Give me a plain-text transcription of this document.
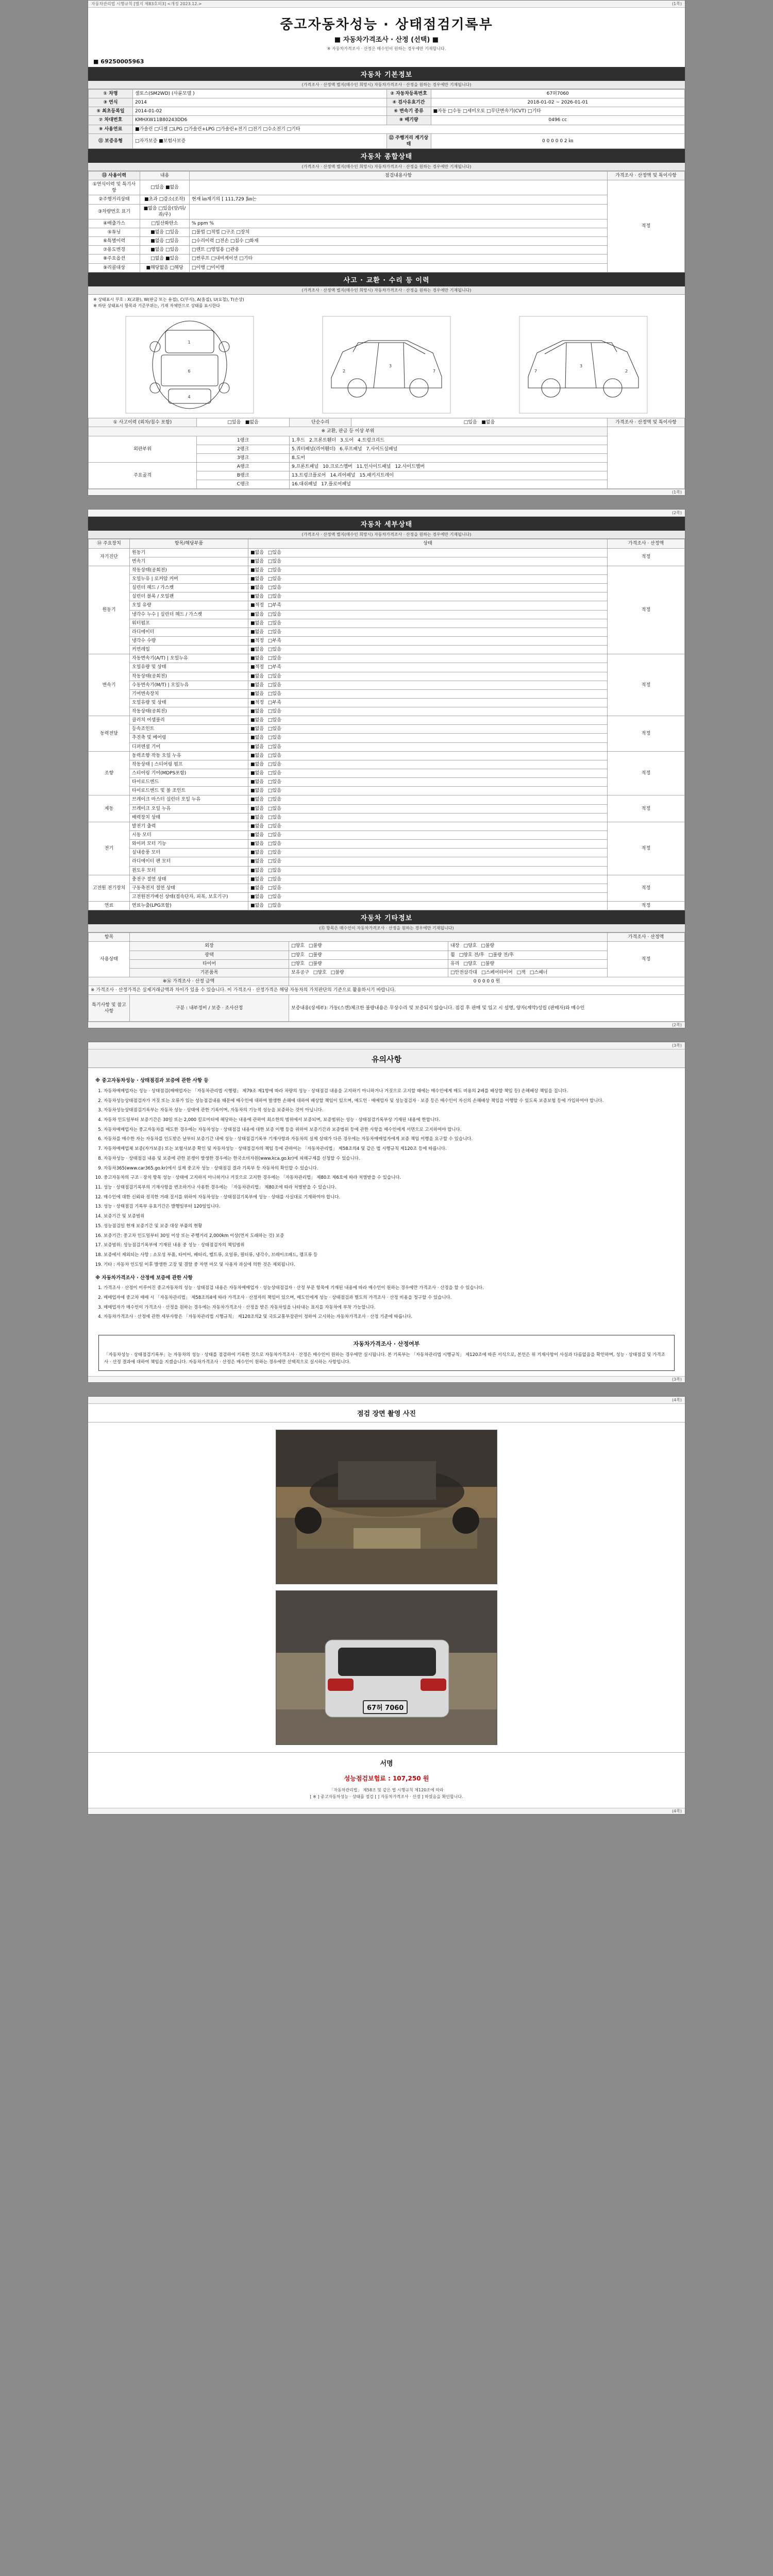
자동차관리법 시행규칙 [별지 제83호의3] <개정 2023.12.>	(1쪽)
중고자동차성능 · 상태점검기록부
■ 자동차가격조사 · 산정 (선택) ■
※ 자동차가격조사 · 산정은 매수인이 원하는 경우에만 기재합니다.
■ 69250005963
자동차 기본정보
(가격조사 · 산정액 별지(매수인 희망시) 자동차가격조사 · 산정을 원하는 경우에만 기재됩니다)
① 차명	셀토스(SM2WD) (사륜모델 )	② 자동차등록번호	67허7060
③ 연식	2014	④ 검사유효기간	2018-01-02 ~ 2026-01-01
⑤ 최초등록일	2014-01-02	⑥ 변속기 종류	■자동 □수동 □세미오토 □무단변속기(CVT) □기타
⑦ 차대번호	KMHXW11B80243DD6	⑧ 배기량	0496 cc
⑨ 사용연료	■가솔린 □디젤 □LPG □가솔린+LPG □가솔린+전기 □전기 □수소전기 □기타		
⑪ 보증유형	□자가보증 ■보험사보증	⑫ 주행거리 계기상태	0 0 0 0 0 2 ㎞
자동차 종합상태
(가격조사 · 산정액 별지(매수인 희망시) 자동차가격조사 · 산정을 원하는 경우에만 기재됩니다)
⑬ 사용이력	내용	점검내용사항	가격조사 · 산정액 및 특이사항
①연식이력 및 특기사항	□있음 ■없음		적정
②주행거리상태	■초과 □감소(조작)	현재 ㎞계기의 [ 111,729 ]㎞는	
③차량번호 표기	■없음 □있음(앞/뒤/좌/우)		
④배출가스	□일산화탄소	% ppm %	
⑤튜닝	■없음 □있음	□불법 □적법 □구조 □장치	
⑥특별이력	■없음 □있음	□수리이력 □전손 □침수 □화재	
⑦용도변경	■없음 □있음	□렌트 □영업용 □관용	
⑧주요옵션	□없음 ■있음	□썬루프 □내비게이션 □기타	
⑨리콜대상	■해당없음 □해당	□이행 □미이행	
사고 · 교환 · 수리 등 이력
(가격조사 · 산정액 별지(매수인 희망시) 자동차가격조사 · 산정을 원하는 경우에만 기재됩니다)
※ 상태표시 부호 : X(교환), W(판금 또는 용접), C(부식), A(흠집), U(요철), T(손상)
※ 하단 상태표시 항목과 기준부위는, 기재 자체만으로 상태를 표시한다
1
6
4
2
3
7	2
3
7
① 사고이력 (외차/침수 포함)	□있음 ■없음	단순수리	□있음 ■없음	가격조사 · 산정액 및 특이사항
※ 교환, 판금 등 이상 부위				
외판부위	1랭크	1.후드 2.프론트휀더 3.도어 4.트렁크리드		
	2랭크	5.쿼터패널(리어휀더) 6.루프패널 7.사이드실패널		
	3랭크	8.도어		
주요골격	A랭크	9.프론트패널 10.크로스멤버 11.인사이드패널 12.사이드멤버		
	B랭크	13.트렁크플로어 14.리어패널 15.패키지트레이		
	C랭크	16.대쉬패널 17.플로어패널		
(1쪽)
(2쪽)
자동차 세부상태
(가격조사 · 산정액 별지(매수인 희망시) 자동차가격조사 · 산정을 원하는 경우에만 기재됩니다)
⑭ 주요장치	항목/해당부품	상태	가격조사 · 산정액
자기진단	원동기	■없음 □있음	적정
	변속기	■없음 □있음	
원동기	작동상태(공회전)	■없음 □있음	적정
	오일누유 | 로커암 커버	■없음 □있음	
	실린더 헤드 / 가스켓	■없음 □있음	
	실린더 블록 / 오일팬	■없음 □있음	
	오일 유량	■적정 □부족	
	냉각수 누수 | 실린더 헤드 / 가스켓	■없음 □있음	
	워터펌프	■없음 □있음	
	라디에이터	■없음 □있음	
	냉각수 수량	■적정 □부족	
	커먼레일	■없음 □있음	
변속기	자동변속기(A/T) | 오일누유	■없음 □있음	적정
	오일유량 및 상태	■적정 □부족	
	작동상태(공회전)	■없음 □있음	
	수동변속기(M/T) | 오일누유	■없음 □있음	
	기어변속장치	■없음 □있음	
	오일유량 및 상태	■적정 □부족	
	작동상태(공회전)	■없음 □있음	
동력전달	클러치 어셈블리	■없음 □있음	적정
	등속조인트	■없음 □있음	
	추진축 및 베어링	■없음 □있음	
	디퍼렌셜 기어	■없음 □있음	
조향	동력조향 작동 오일 누유	■없음 □있음	적정
	작동상태 | 스티어링 펌프	■없음 □있음	
	스티어링 기어(MDPS포함)	■없음 □있음	
	타이로드엔드	■없음 □있음	
	타이로드엔드 및 볼 조인트	■없음 □있음	
제동	브레이크 마스터 실린더 오일 누유	■없음 □있음	적정
	브레이크 오일 누유	■없음 □있음	
	배력장치 상태	■없음 □있음	
전기	발전기 출력	■없음 □있음	적정
	시동 모터	■없음 □있음	
	와이퍼 모터 기능	■없음 □있음	
	실내송풍 모터	■없음 □있음	
	라디에이터 팬 모터	■없음 □있음	
	윈도우 모터	■없음 □있음	
고전원 전기장치	충전구 절연 상태	■없음 □있음	적정
	구동축전지 절연 상태	■없음 □있음	
	고전원전기배선 상태(접속단자, 피복, 보호기구)	■없음 □있음	
연료	연료누출(LPG포함)	■없음 □있음	적정
자동차 기타정보
(⑮ 항목은 매수인이 자동차가격조사 · 산정을 원하는 경우에만 기재됩니다)
항목				가격조사 · 산정액
사용상태	외장	□양호 □불량	내장 □양호 □불량	적정
	광택	□양호 □불량	휠 □양호 전/후 □불량 전/후	
	타이어	□양호 □불량	유리 □양호 □불량	
	기본품목	보유공구 □양호 □불량	□안전삼각대 □스페어타이어 □잭 □스패너	
※⑯ 가격조사 · 산정 금액		0 0 0 0 0 원		
※ 가격조사 · 산정가격은 실제거래금액과 차이가 있을 수 있습니다. 이 가격조사 · 산정가격은 해당 자동차의 가치판단의 기준으로 활용하시기 바랍니다.				
특기사항 및 참고사항	구분 : 내부정비 / 보증 · 조사산정	보증내용(상세부): 가동(스캔)체크한 불량내용은 무상수리 및 보증되지 않습니다. 점검 후 판매 및 입고 시 설명, 양자(계약)성립 (판매자)와 매수인		
(2쪽)
(3쪽)
유의사항
※ 중고자동차성능 · 상태점검과 보증에 관한 사항 등
1. 자동차매매업자는 성능 · 상태점검(매매업자는 「자동차관리법 시행령」 제79조 제1항에 따라 차량의 성능 · 상태점검 내용을 고지하기 아니하거나 거짓으로 고지할 때에는 매수인에게 매도 비용의 2배를 배상할 책임 등) 손해배상 책임을 집니다.
2. 자동차성능상태점검자가 거짓 또는 오류가 있는 성능점검내용 때문에 매수인에 대하여 발생한 손해에 대하여 배상할 책임이 있으며, 매도인 · 매매업자 및 성능점검자 · 보증 등은 매수인이 자신의 손해배상 책임을 이행할 수 있도록 보증보험 등에 가입하여야 합니다.
3. 자동차성능상태점검기록부는 자동차 성능 · 상태에 관한 기록이며, 자동차의 기능적 성능을 보증하는 것이 아닙니다.
4. 자동차 인도일부터 보증기간은 30일 또는 2,000 킬로미터에 해당하는 내용에 관하여 최소한의 범위에서 보증되며, 보증범위는 성능 · 상태점검기록부상 기재된 내용에 한합니다.
5. 자동차매매업자는 중고자동차를 매도한 경우에는 자동차성능 · 상태점검 내용에 대한 보증 이행 등을 위하여 보증기간과 보증범위 등에 관한 사항을 매수인에게 서면으로 고지하여야 합니다.
6. 자동차를 매수한 자는 자동차를 인도받은 날부터 보증기간 내에 성능 · 상태점검기록부 기재사항과 자동차의 실제 상태가 다른 경우에는 자동차매매업자에게 보증 책임 이행을 요구할 수 있습니다.
7. 자동차매매업체 보증(자가보증) 또는 보험사보증 확인 및 자동차성능 · 상태점검자의 책임 등에 관하여는 「자동차관리법」 제58조의4 및 같은 법 시행규칙 제120조 등에 따릅니다.
8. 자동차성능 · 상태점검 내용 및 보증에 관한 분쟁이 발생한 경우에는 한국소비자원(www.kca.go.kr)에 피해구제를 신청할 수 있습니다.
9. 자동차365(www.car365.go.kr)에서 실제 중고차 성능 · 상태점검 결과 기록부 등 자동차의 확인할 수 있습니다.
10. 중고자동차의 구조 · 장치 항목 성능 · 상태에 고지하지 아니하거나 거짓으로 고지한 경우에는 「자동차관리법」 제80조 제6호에 따라 처벌받을 수 있습니다.
11. 성능 · 상태점검기록부의 기재사항을 변조하거나 사용한 경우에는 「자동차관리법」 제80조에 따라 처벌받을 수 있습니다.
12. 매수인에 대한 신뢰와 정직한 거래 질서를 위하여 자동차성능 · 상태점검기록부에 성능 · 상태를 사실대로 기재하여야 합니다.
13. 성능 · 상태점검 기록부 유효기간은 발행일부터 120일입니다.
14. 보증기간 및 보증범위
15. 성능점검일 현재 보증기간 및 보증 대상 부품의 현황
16. 보증기간: 중고차 인도일부터 30일 이상 또는 주행거리 2,000km 이상(먼저 도래하는 것) 보증
17. 보증범위: 성능점검기록부에 기재된 내용 중 성능 · 상태점검자의 책임범위
18. 보증에서 제외되는 사항 : 소모성 부품, 타이어, 배터리, 벨트류, 오일류, 필터류, 냉각수, 브레이크패드, 램프류 등
19. 기타 : 자동차 인도일 이후 발생한 고장 및 결함 중 자연 마모 및 사용자 과실에 의한 것은 제외됩니다.
※ 자동차가격조사 · 산정에 보증에 관한 사항
1. 가격조사 · 산정이 이루어진 중고자동차의 성능 · 상태점검 내용은 자동차매매업자 · 성능상태점검자 · 산정 부문 항목에 기재된 내용에 따라 매수인이 원하는 경우에만 가격조사 · 산정을 할 수 있습니다.
2. 매매업자에 중고차 매매 시 「자동차관리법」 제58조의4에 따라 가격조사 · 산정자의 책임이 있으며, 매도인에게 성능 · 상태점검과 별도의 가격조사 · 산정 비용을 청구할 수 있습니다.
3. 매매업자가 매수인이 가격조사 · 산정을 원하는 경우에는 자동차가격조사 · 산정을 받은 자동차임을 나타내는 표지를 자동차에 부착 가능합니다.
4. 자동차가격조사 · 산정에 관한 세부사항은 「자동차관리법 시행규칙」 제120조의2 및 국토교통부장관이 정하여 고시하는 자동차가격조사 · 산정 기준에 따릅니다.
자동차가격조사 · 산정여부
「자동차성능 · 상태점검기록부」는 자동차의 성능 · 상태를 점검하여 기록한 것으로 자동차가격조사 · 산정은 매수인이 원하는 경우에만 실시됩니다. 본 기록부는 「자동차관리법 시행규칙」 제120조에 따른 서식으로, 본인은 위 기재사항이 사실과 다름없음을 확인하며, 성능 · 상태점검 및 가격조사 · 산정 결과에 대하여 책임을 지겠습니다. 자동차가격조사 · 산정은 매수인이 원하는 경우에만 선택적으로 실시하는 사항입니다.
(3쪽)
(4쪽)
점검 장면 촬영 사진
67허 7060
서명
성능점검보험료 : 107,250 원
「자동차관리법」 제58조 및 같은 법 시행규칙 제120조에 따라
[ ※ ] 중고자동차성능 · 상태를 점검 [ ] 자동차가격조사 · 산정 ] 하였음을 확인합니다.
(4쪽)
